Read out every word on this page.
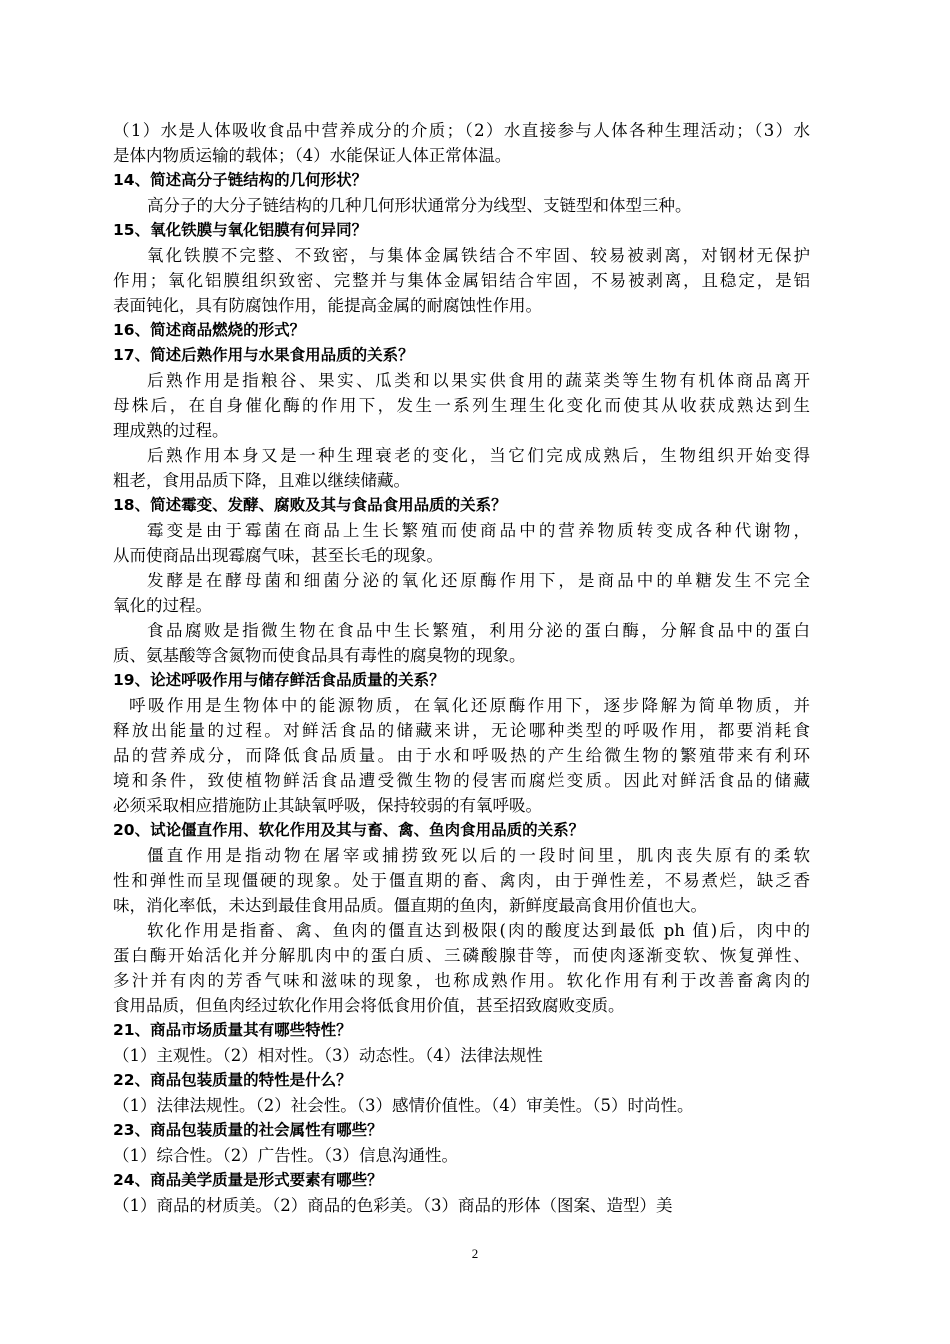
（1）水是人体吸收食品中营养成分的介质；（2）水直接参与人体各种生理活动；（3）水
是体内物质运输的载体；（4）水能保证人体正常体温。
14、简述高分子链结构的几何形状？
高分子的大分子链结构的几种几何形状通常分为线型、支链型和体型三种。
15、氧化铁膜与氧化铝膜有何异同？
氧化铁膜不完整、不致密，与集体金属铁结合不牢固、较易被剥离，对钢材无保护
作用；氧化铝膜组织致密、完整并与集体金属铝结合牢固，不易被剥离，且稳定，是铝
表面钝化，具有防腐蚀作用，能提高金属的耐腐蚀性作用。
16、简述商品燃烧的形式？
17、简述后熟作用与水果食用品质的关系？
后熟作用是指粮谷、果实、瓜类和以果实供食用的蔬菜类等生物有机体商品离开
母株后，在自身催化酶的作用下，发生一系列生理生化变化而使其从收获成熟达到生
理成熟的过程。
后熟作用本身又是一种生理衰老的变化，当它们完成成熟后，生物组织开始变得
粗老，食用品质下降，且难以继续储藏。
18、简述霉变、发酵、腐败及其与食品食用品质的关系？
霉变是由于霉菌在商品上生长繁殖而使商品中的营养物质转变成各种代谢物，
从而使商品出现霉腐气味，甚至长毛的现象。
发酵是在酵母菌和细菌分泌的氧化还原酶作用下，是商品中的单糖发生不完全
氧化的过程。
食品腐败是指微生物在食品中生长繁殖，利用分泌的蛋白酶，分解食品中的蛋白
质、氨基酸等含氮物而使食品具有毒性的腐臭物的现象。
19、论述呼吸作用与储存鲜活食品质量的关系？
呼吸作用是生物体中的能源物质，在氧化还原酶作用下，逐步降解为简单物质，并
释放出能量的过程。对鲜活食品的储藏来讲，无论哪种类型的呼吸作用，都要消耗食
品的营养成分，而降低食品质量。由于水和呼吸热的产生给微生物的繁殖带来有利环
境和条件，致使植物鲜活食品遭受微生物的侵害而腐烂变质。因此对鲜活食品的储藏
必须采取相应措施防止其缺氧呼吸，保持较弱的有氧呼吸。
20、试论僵直作用、软化作用及其与畜、禽、鱼肉食用品质的关系？
僵直作用是指动物在屠宰或捕捞致死以后的一段时间里，肌肉丧失原有的柔软
性和弹性而呈现僵硬的现象。处于僵直期的畜、禽肉，由于弹性差，不易煮烂，缺乏香
味，消化率低，未达到最佳食用品质。僵直期的鱼肉，新鲜度最高食用价值也大。
软化作用是指畜、禽、鱼肉的僵直达到极限(肉的酸度达到最低 ph 值)后，肉中的
蛋白酶开始活化并分解肌肉中的蛋白质、三磷酸腺苷等，而使肉逐渐变软、恢复弹性、
多汁并有肉的芳香气味和滋味的现象，也称成熟作用。软化作用有利于改善畜禽肉的
食用品质，但鱼肉经过软化作用会将低食用价值，甚至招致腐败变质。
21、商品市场质量其有哪些特性？
（1）主观性。（2）相对性。（3）动态性。（4）法律法规性
22、商品包装质量的特性是什么？
（1）法律法规性。（2）社会性。（3）感情价值性。（4）审美性。（5）时尚性。
23、商品包装质量的社会属性有哪些？
（1）综合性。（2）广告性。（3）信息沟通性。
24、商品美学质量是形式要素有哪些？
（1）商品的材质美。（2）商品的色彩美。（3）商品的形体（图案、造型）美
2
